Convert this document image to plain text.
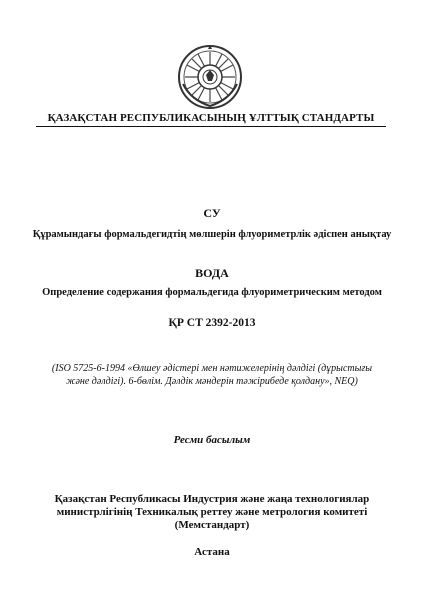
ҚАЗАҚСТАН РЕСПУБЛИКАСЫНЫҢ ҰЛТТЫҚ СТАНДАРТЫ
СУ
Құрамындағы формальдегидтің мөлшерін флуориметрлік әдіспен анықтау
ВОДА
Определение содержания формальдегида флуориметрическим методом
ҚР СТ 2392-2013
(ISO 5725-6-1994 «Өлшеу әдістері мен нәтижелерінің дәлдігі (дұрыстығы және дәлдігі). 6-бөлім. Дәлдік мәндерін тәжірибеде қолдану», NEQ)
Ресми басылым
Қазақстан Республикасы Индустрия және жаңа технологиялар
министрлігінің Техникалық реттеу және метрология комитеті
(Мемстандарт)
Астана
